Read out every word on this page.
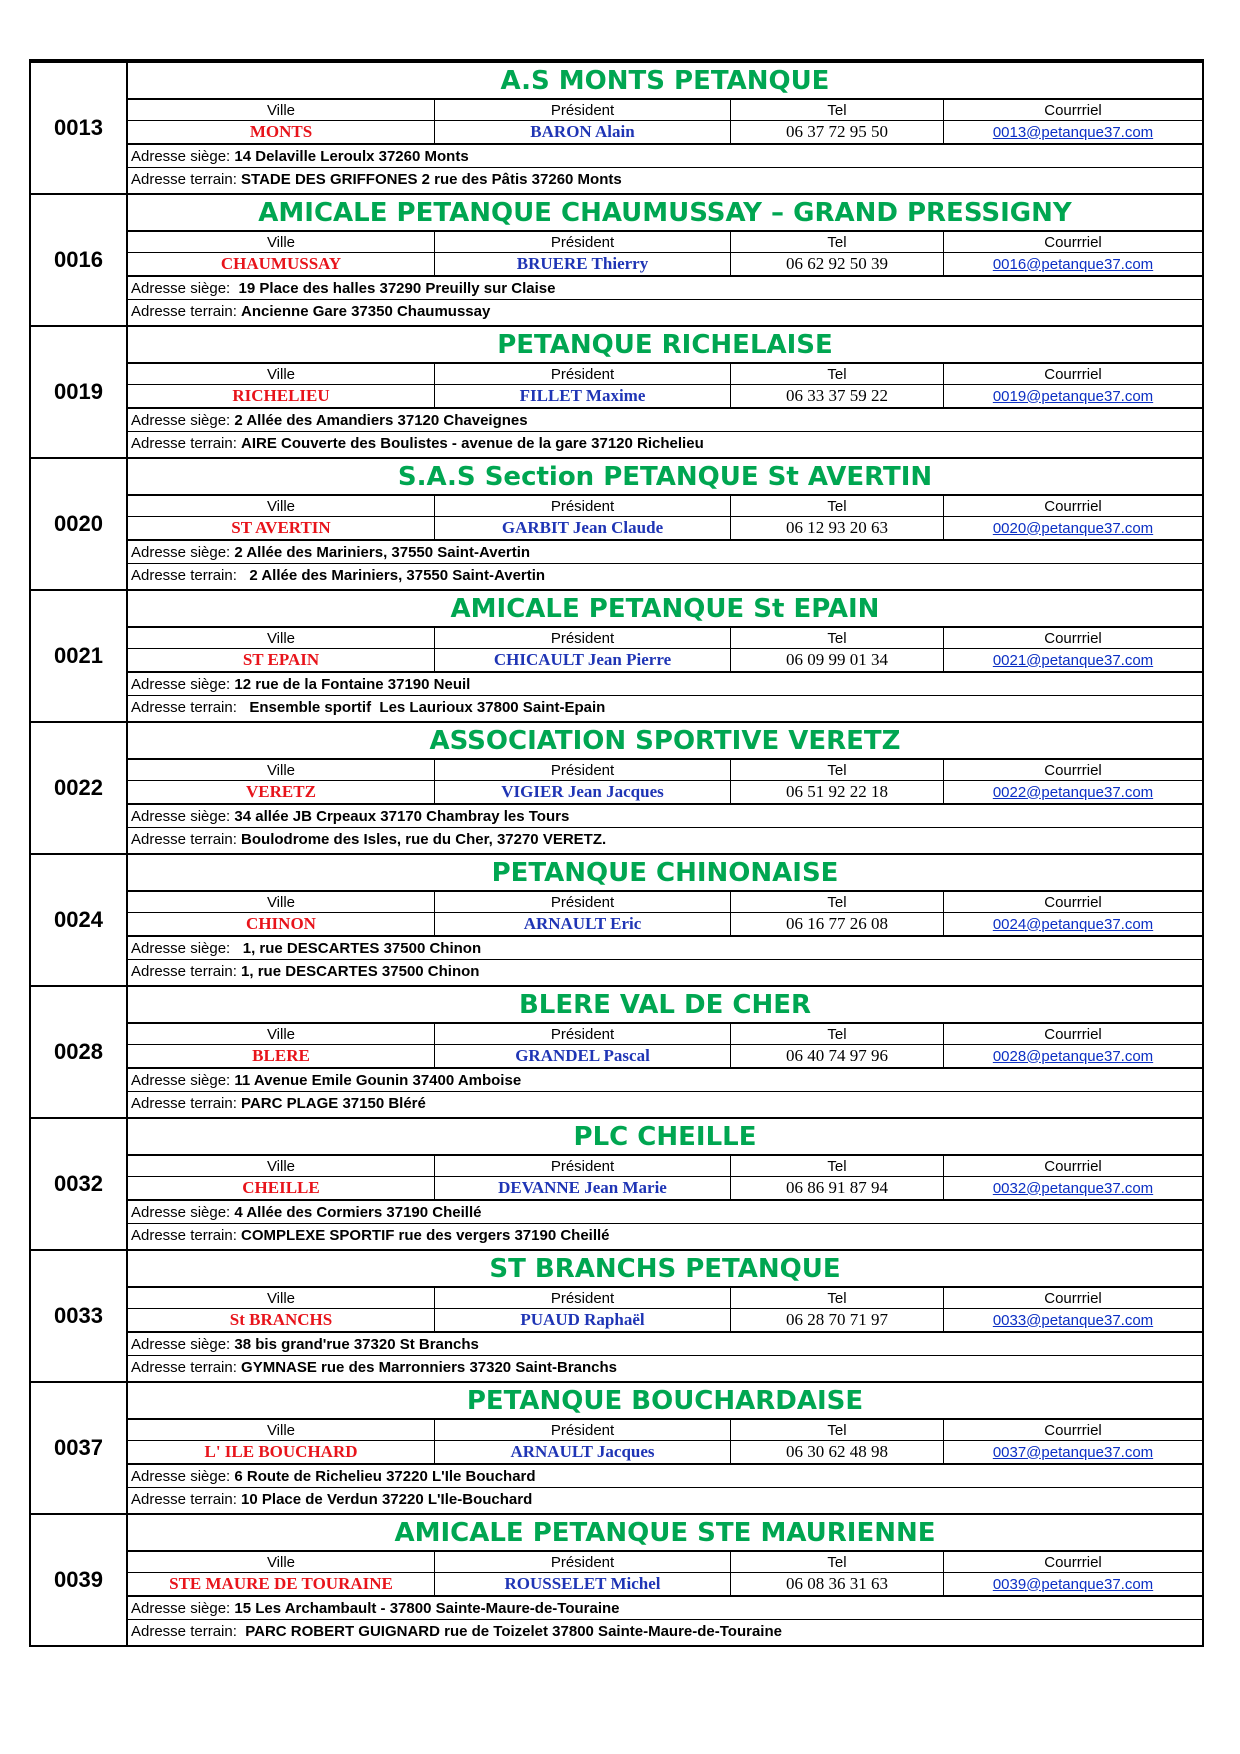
0013
A.S MONTS PETANQUE
Ville	Président	Tel	Courrriel
MONTS	BARON Alain	06 37 72 95 50	0013@petanque37.com
Adresse siège: 14 Delaville Leroulx 37260 Monts
Adresse terrain: STADE DES GRIFFONES 2 rue des Pâtis 37260 Monts
0016
AMICALE PETANQUE CHAUMUSSAY – GRAND PRESSIGNY
Ville	Président	Tel	Courrriel
CHAUMUSSAY	BRUERE Thierry	06 62 92 50 39	0016@petanque37.com
Adresse siège: 19 Place des halles 37290 Preuilly sur Claise
Adresse terrain: Ancienne Gare 37350 Chaumussay
0019
PETANQUE RICHELAISE
Ville	Président	Tel	Courrriel
RICHELIEU	FILLET Maxime	06 33 37 59 22	0019@petanque37.com
Adresse siège: 2 Allée des Amandiers 37120 Chaveignes
Adresse terrain: AIRE Couverte des Boulistes - avenue de la gare 37120 Richelieu
0020
S.A.S Section PETANQUE St AVERTIN
Ville	Président	Tel	Courrriel
ST AVERTIN	GARBIT Jean Claude	06 12 93 20 63	0020@petanque37.com
Adresse siège: 2 Allée des Mariniers, 37550 Saint-Avertin
Adresse terrain: 2 Allée des Mariniers, 37550 Saint-Avertin
0021
AMICALE PETANQUE St EPAIN
Ville	Président	Tel	Courrriel
ST EPAIN	CHICAULT Jean Pierre	06 09 99 01 34	0021@petanque37.com
Adresse siège: 12 rue de la Fontaine 37190 Neuil
Adresse terrain: Ensemble sportif  Les Laurioux 37800 Saint-Epain
0022
ASSOCIATION SPORTIVE VERETZ
Ville	Président	Tel	Courrriel
VERETZ	VIGIER Jean Jacques	06 51 92 22 18	0022@petanque37.com
Adresse siège: 34 allée JB Crpeaux 37170 Chambray les Tours
Adresse terrain: Boulodrome des Isles, rue du Cher, 37270 VERETZ.
0024
PETANQUE CHINONAISE
Ville	Président	Tel	Courrriel
CHINON	ARNAULT Eric	06 16 77 26 08	0024@petanque37.com
Adresse siège: 1, rue DESCARTES 37500 Chinon
Adresse terrain: 1, rue DESCARTES 37500 Chinon
0028
BLERE VAL DE CHER
Ville	Président	Tel	Courrriel
BLERE	GRANDEL Pascal	06 40 74 97 96	0028@petanque37.com
Adresse siège: 11 Avenue Emile Gounin 37400 Amboise
Adresse terrain: PARC PLAGE 37150 Bléré
0032
PLC CHEILLE
Ville	Président	Tel	Courrriel
CHEILLE	DEVANNE Jean Marie	06 86 91 87 94	0032@petanque37.com
Adresse siège: 4 Allée des Cormiers 37190 Cheillé
Adresse terrain: COMPLEXE SPORTIF rue des vergers 37190 Cheillé
0033
ST BRANCHS PETANQUE
Ville	Président	Tel	Courrriel
St BRANCHS	PUAUD Raphaël	06 28 70 71 97	0033@petanque37.com
Adresse siège: 38 bis grand'rue 37320 St Branchs
Adresse terrain: GYMNASE rue des Marronniers 37320 Saint-Branchs
0037
PETANQUE BOUCHARDAISE
Ville	Président	Tel	Courrriel
L' ILE BOUCHARD	ARNAULT Jacques	06 30 62 48 98	0037@petanque37.com
Adresse siège: 6 Route de Richelieu 37220 L'Ile Bouchard
Adresse terrain: 10 Place de Verdun 37220 L'Ile-Bouchard
0039
AMICALE PETANQUE STE MAURIENNE
Ville	Président	Tel	Courrriel
STE MAURE DE TOURAINE	ROUSSELET Michel	06 08 36 31 63	0039@petanque37.com
Adresse siège: 15 Les Archambault - 37800 Sainte-Maure-de-Touraine
Adresse terrain: PARC ROBERT GUIGNARD rue de Toizelet 37800 Sainte-Maure-de-Touraine
